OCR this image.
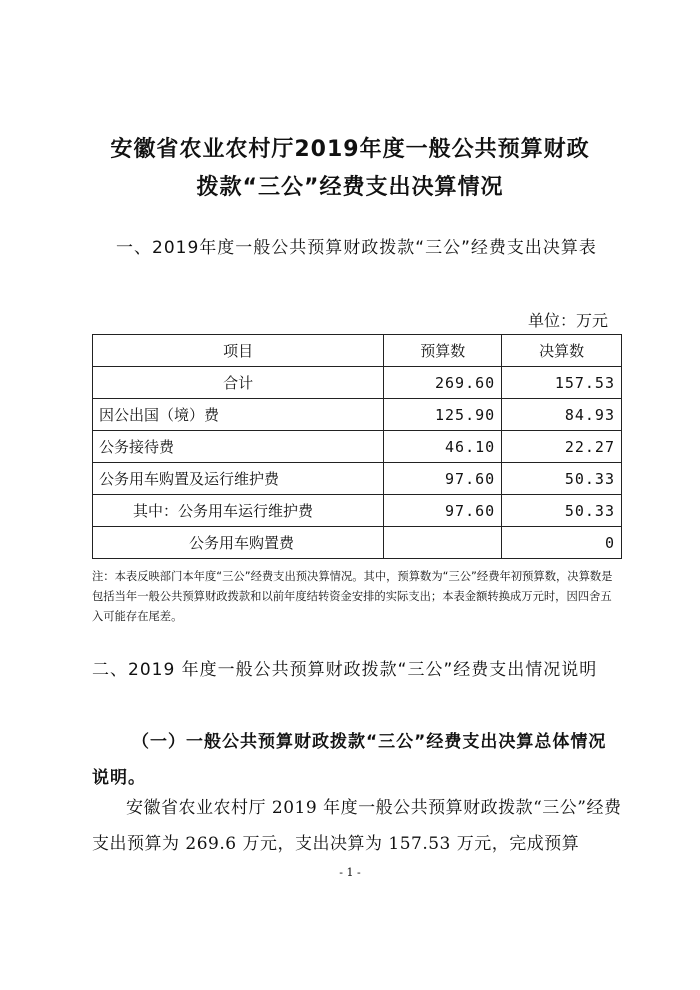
安徽省农业农村厅2019年度一般公共预算财政
拨款“三公”经费支出决算情况
一、2019年度一般公共预算财政拨款“三公”经费支出决算表
单位：万元
项目	预算数	决算数
合计	269.60	157.53
因公出国（境）费	125.90	84.93
公务接待费	46.10	22.27
公务用车购置及运行维护费	97.60	50.33
其中：公务用车运行维护费	97.60	50.33
公务用车购置费		0
注：本表反映部门本年度“三公”经费支出预决算情况。其中，预算数为“三公”经费年初预算数，决算数是包括当年一般公共预算财政拨款和以前年度结转资金安排的实际支出；本表金额转换成万元时，因四舍五入可能存在尾差。
二、2019 年度一般公共预算财政拨款“三公”经费支出情况说明
（一）一般公共预算财政拨款“三公”经费支出决算总体情况说明。
安徽省农业农村厅 2019 年度一般公共预算财政拨款“三公”经费支出预算为 269.6 万元，支出决算为 157.53 万元，完成预算
- 1 -
